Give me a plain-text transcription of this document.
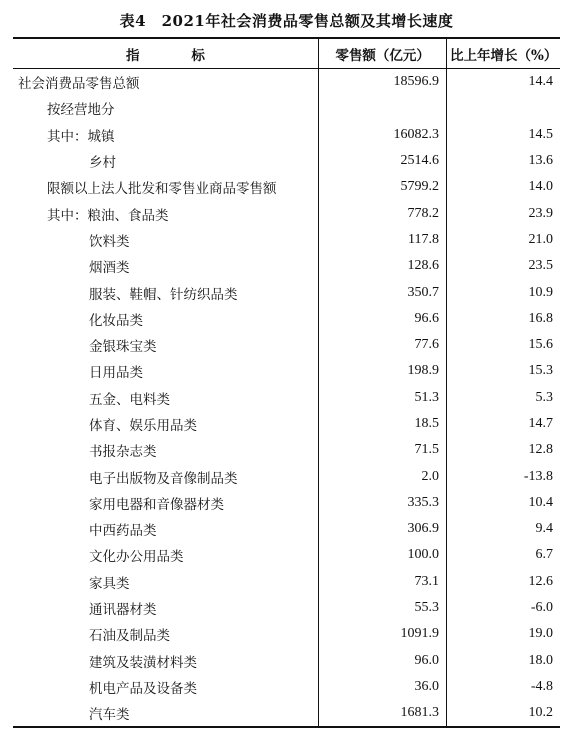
表4　2021年社会消费品零售总额及其增长速度
指标	零售额（亿元）	比上年增长（%）
社会消费品零售总额	18596.9	14.4
按经营地分
其中：城镇	16082.3	14.5
乡村	2514.6	13.6
限额以上法人批发和零售业商品零售额	5799.2	14.0
其中：粮油、食品类	778.2	23.9
饮料类	117.8	21.0
烟酒类	128.6	23.5
服装、鞋帽、针纺织品类	350.7	10.9
化妆品类	96.6	16.8
金银珠宝类	77.6	15.6
日用品类	198.9	15.3
五金、电料类	51.3	5.3
体育、娱乐用品类	18.5	14.7
书报杂志类	71.5	12.8
电子出版物及音像制品类	2.0	-13.8
家用电器和音像器材类	335.3	10.4
中西药品类	306.9	9.4
文化办公用品类	100.0	6.7
家具类	73.1	12.6
通讯器材类	55.3	-6.0
石油及制品类	1091.9	19.0
建筑及装潢材料类	96.0	18.0
机电产品及设备类	36.0	-4.8
汽车类	1681.3	10.2
